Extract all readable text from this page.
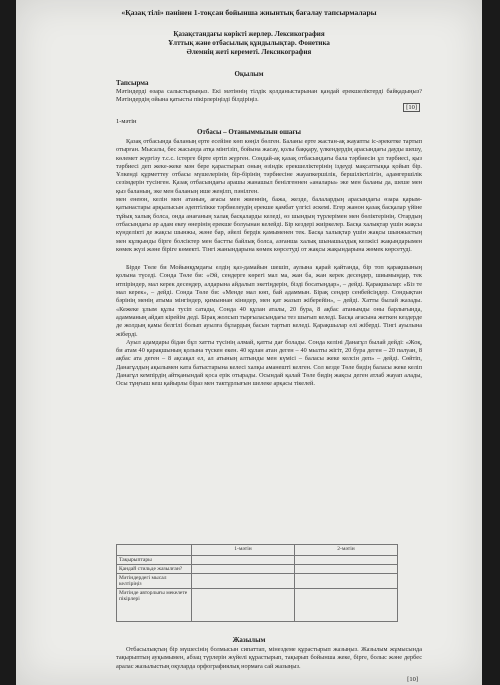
«Қазақ тілі» пәнінен 1-тоқсан бойынша жиынтық бағалау тапсырмалары
Қазақстандағы көрікті жерлер. Лексикография
Ұлттық және отбасылық құндылықтар. Фонетика
Әлемнің жеті кереметі. Лексикография
Оқылым
Тапсырма

Мәтіндерді өзара салыстырыңыз. Екі мәтіннің тілдік қолданыстарынан қандай ерекшеліктерді байқадыңыз? Мәтіндердің ойына қатысты пікірлеріңізді білдіріңіз.

[10]
1-мәтін
Отбасы – Отаныммызын ошағы

Қазақ отбасында баланың ерте есейіне көп көңіл бөлген. Баланы ерте жастан-ақ жауапты іс-әрекетке тартып отырған. Мысалы, бес жасында атқа мінгізіп, бойына жасау, қолы баққару, үлкендердің арасындағы дауды шешу, көлемет жүргізу т.с.с. істерге бірте ертіп жүрген. Сондай-ақ қазақ отбасындағы бала тәрбиесін ұл тәрбиесі, қыз тәрбиесі деп жеке-жеке мән бере қарастырып оның өзіндік ерекшеліктерінің іздеуді мақсаттыққа қойып бір. Ұлкенді құрметтеу отбасы мүшелерінің бір-бірінің тәрбиесіне жауапкершілік, бершіліктілігін, адамгершілік сезімдерін тусінген. Қазақ отбасындағы арашы жанашыл бенілгеннен «аналары» эке мен баланы да, шеше мен қыз баланың, эке мен баланың ише жеңілп, пәнілген.

мен енеюн, келін мен атаның, ағасы мен жиеннің, бажа, жезде, балалардың арасындағы өзара қарым-қатынастары арқылысын әдептілікке тәрбиелеудің ерекше қамбат үлгісі әскемі. Егер жанон қазақ басқалар үйіне тұйық халық болса, онда анағаның халақ басқаларды келеді, өз шындың түрлерімен мен бөліктерінің. Отардың отбасындағы әр адам екеу өнерінің ерекше болуынан келейді. Бір кездері жиіркелер. Басқа халықтар үшін жақсы күнделікті де жақсы шынжы, және бар, әйелі бердік қамыменен тек. Басқа халықтар үшін жақсы шынжыстың мен кұлқынды бірге болсіктер мен бастты байлық болса, азғанша халық шынашылдық келжісі жақындарымен көмек жүзі және біріге көмекті. Тінгі жанындарына көмек көрсетуді от жақсы жақындарына жөмек көрсетуді.

Бірде Төле би Мойынқұмдағы елдің қаз-дамайын шешіп, аулына қарай қайтанда, бір топ қарақшының қолына түседі. Сонда Төле би: «Әй, сендерге көрегі мал ма, жан ба, жан керек десеңдер, шиымыңдар, тек итпіріндер, мал керек десеңдер, алдарына айдалып экетіңдерін, біздi босатыңдар», – дейді. Қарақшылар: «Біз те мал керек», – дейді. Сонда Төле би: «Менде мал көп, бай адаммын. Бірақ сендер сенбейсіңдер. Сондықтан бәрінің менің атыма мінгіндер, қимыннан кінидер, мен қат жазып жіберейін», – дейді. Хатты былай жазады. «Кежеке ұлым құлы тусіп сатады, Сонда 40 құлан аталы, 20 бура, 8 ақбас атанымды оны барлығында, адамманың айдап кірейім деді. Бірақ жолсып тырғыласындағы тез шығып келеді. Басқа ағасына жеткен кездерде де жолдың қамы белгілі болып ауылға бұлардың басын тартып келеді. Қарақшылар елі жіберді. Тінгі ауылына жіберді.

Ауыл адамдары бiдан бұл хатты түсінің алмай, қатты дағ болады. Сонда келіні Данагұл былай дейді: «Жоқ, би атам 40 қарақшының қолына түскен екен. 40 құлан атан деген – 40 мылты жігіт, 20 бура деген – 20 палуан, 8 ақбас ата деген – 8 ақсақал ел, ал атының алтынды мен күмісі – баласы жеке келсін деп» – дейді. Сөйтіп, Данагұлдың ақылымен ката батыстарына келесі халқы аманешті келген. Сол кезде Төле бидің баласы жеке келіп Данагұл кемпірдің айтқанындай қоса ерік отырады. Осындай қалай Төле бидің жақсы деген атлаб жауап алады, Осы тұңғыш кеш қайырлы біраз мен тактұрлығын шелеке арқасы тікелей.

	1-мәтін	2-мәтін
Тақырыптары		
Қандай стильде жазылған?		
Мәтіндердегі мысал келтіріңіз		
Мәтінде авторлығы мекелете пікірлері		
Жазылым

Отбасылықтың бір мүшесінің болмысын сипаттап, мінездеме құрастырып жазыңыз. Жазылым жұмысында тақырыптың ауқымымен, абзац түрлерін жүйелі құрастырып, тақырып бойынша жеке, бірге, болыс және дербес аралас жазылыстың оқуларда орфографиялық нормаға сай жазыңыз.

[10]
